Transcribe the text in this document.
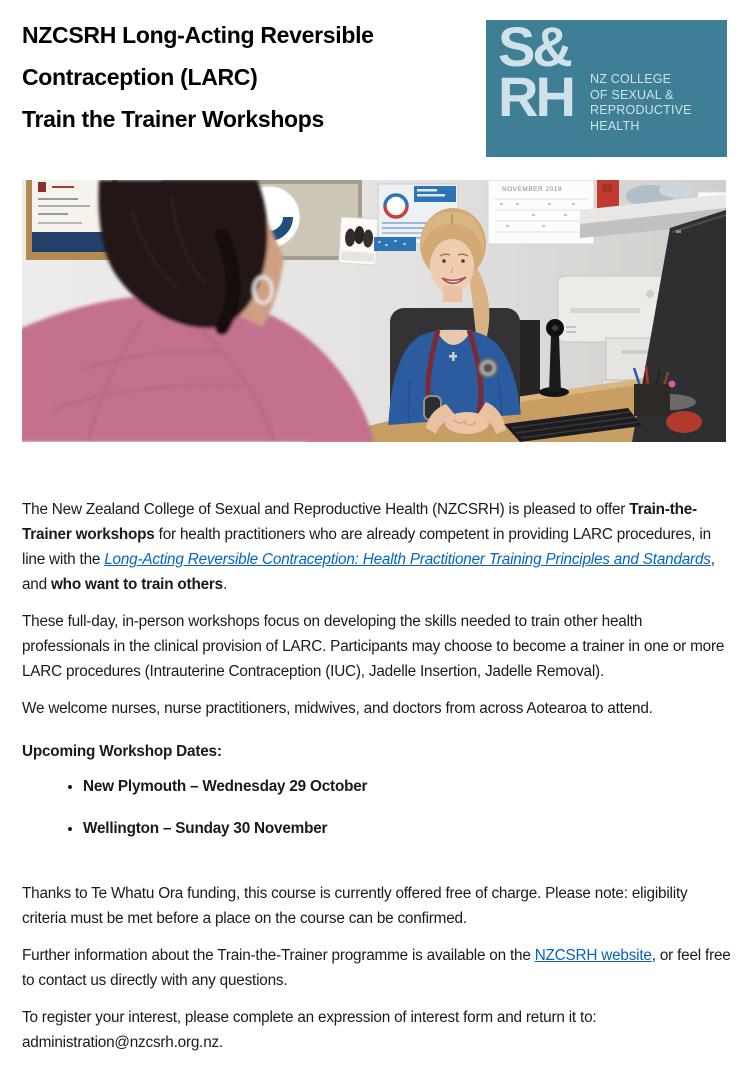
NZCSRH Long-Acting Reversible
Contraception (LARC)
Train the Trainer Workshops
S&
RH NZ COLLEGE
OF SEXUAL &
REPRODUCTIVE
HEALTH
NOVEMBER 2019

The New Zealand College of Sexual and Reproductive Health (NZCSRH) is pleased to offer Train-the-Trainer workshops for health practitioners who are already competent in providing LARC procedures, in line with the Long-Acting Reversible Contraception: Health Practitioner Training Principles and Standards, and who want to train others.

These full-day, in-person workshops focus on developing the skills needed to train other health professionals in the clinical provision of LARC. Participants may choose to become a trainer in one or more LARC procedures (Intrauterine Contraception (IUC), Jadelle Insertion, Jadelle Removal).

We welcome nurses, nurse practitioners, midwives, and doctors from across Aotearoa to attend.

Upcoming Workshop Dates:
• New Plymouth – Wednesday 29 October
• Wellington – Sunday 30 November

Thanks to Te Whatu Ora funding, this course is currently offered free of charge. Please note: eligibility criteria must be met before a place on the course can be confirmed.

Further information about the Train-the-Trainer programme is available on the NZCSRH website, or feel free to contact us directly with any questions.

To register your interest, please complete an expression of interest form and return it to: administration@nzcsrh.org.nz.
